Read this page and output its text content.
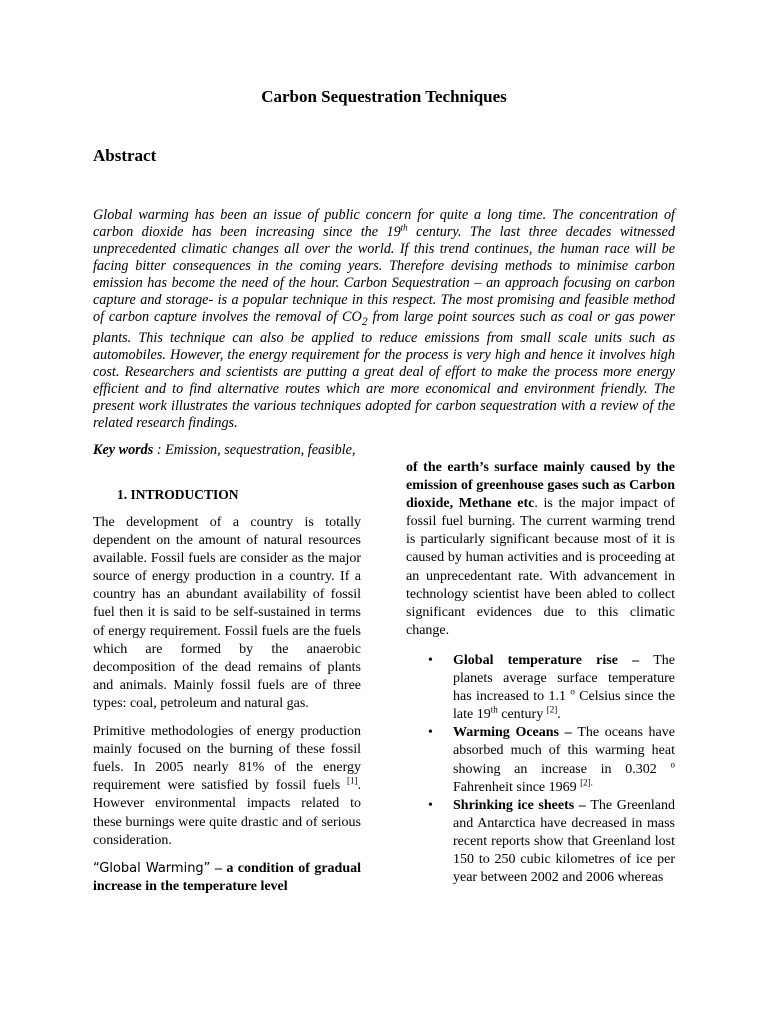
Carbon Sequestration Techniques
Abstract

Global warming has been an issue of public concern for quite a long time. The concentration of carbon dioxide has been increasing since the 19th century. The last three decades witnessed unprecedented climatic changes all over the world. If this trend continues, the human race will be facing bitter consequences in the coming years. Therefore devising methods to minimise carbon emission has become the need of the hour. Carbon Sequestration – an approach focusing on carbon capture and storage- is a popular technique in this respect. The most promising and feasible method of carbon capture involves the removal of $CO_2$ from large point sources such as coal or gas power plants. This technique can also be applied to reduce emissions from small scale units such as automobiles. However, the energy requirement for the process is very high and hence it involves high cost. Researchers and scientists are putting a great deal of effort to make the process more energy efficient and to find alternative routes which are more economical and environment friendly. The present work illustrates the various techniques adopted for carbon sequestration with a review of the related research findings.

Key words : Emission, sequestration, feasible,

1. INTRODUCTION

The development of a country is totally dependent on the amount of natural resources available. Fossil fuels are consider as the major source of energy production in a country. If a country has an abundant availability of fossil fuel then it is said to be self-sustained in terms of energy requirement. Fossil fuels are the fuels which are formed by the anaerobic decomposition of the dead remains of plants and animals. Mainly fossil fuels are of three types: coal, petroleum and natural gas.

Primitive methodologies of energy production mainly focused on the burning of these fossil fuels. In 2005 nearly 81% of the energy requirement were satisfied by fossil fuels [1]. However environmental impacts related to these burnings were quite drastic and of serious consideration.

“Global Warming” – a condition of gradual increase in the temperature level

of the earth’s surface mainly caused by the emission of greenhouse gases such as Carbon dioxide, Methane etc. is the major impact of fossil fuel burning. The current warming trend is particularly significant because most of it is caused by human activities and is proceeding at an unprecedentant rate. With advancement in technology scientist have been abled to collect significant evidences due to this climatic change.

• Global temperature rise – The planets average surface temperature has increased to 1.1 $^o$ Celsius since the late 19th century [2].
• Warming Oceans – The oceans have absorbed much of this warming heat showing an increase in 0.302 $^o$ Fahrenheit since 1969 $^{[2].}$
• Shrinking ice sheets – The Greenland and Antarctica have decreased in mass recent reports show that Greenland lost 150 to 250 cubic kilometres of ice per year between 2002 and 2006 whereas
